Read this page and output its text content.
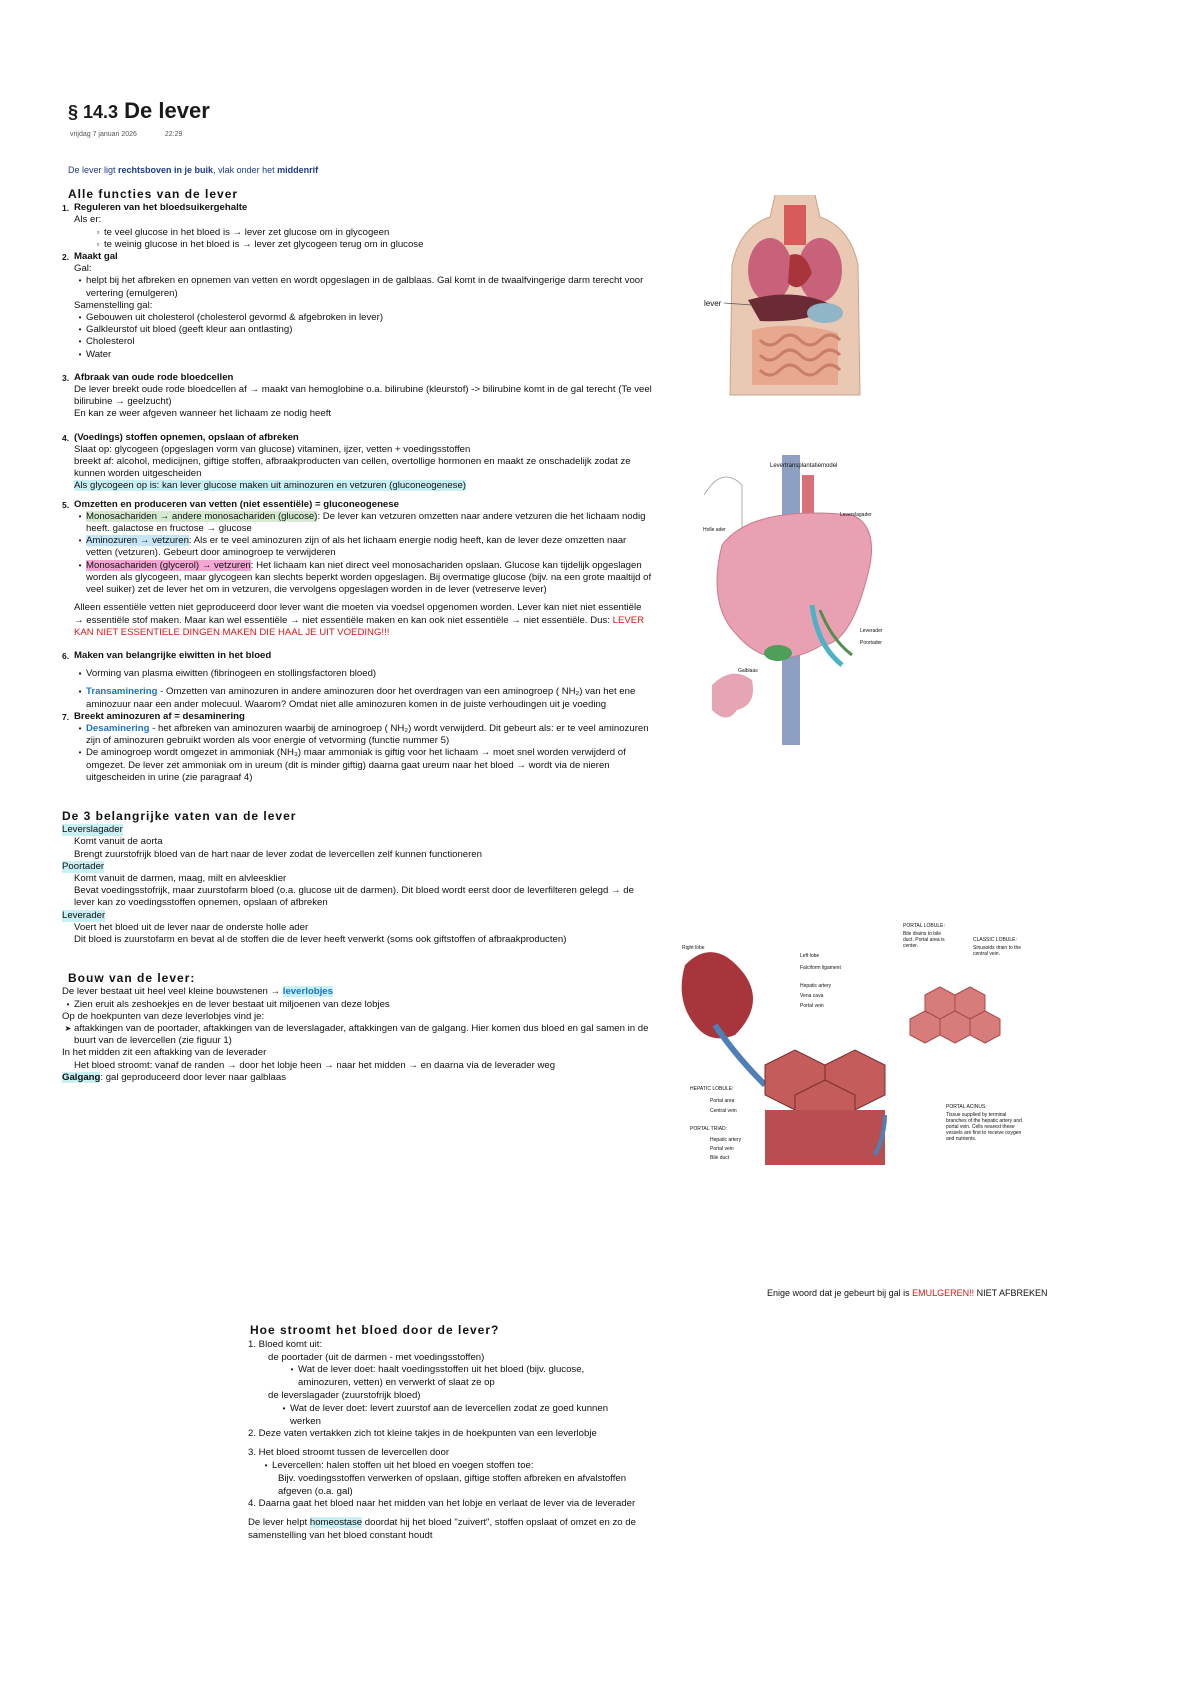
§ 14.3 De lever
vrijdag 7 januari 2026	22:29
De lever ligt rechtsboven in je buik, vlak onder het middenrif
Alle functies van de lever
1. Reguleren van het bloedsuikergehalte
Als er:
▫ te veel glucose in het bloed is → lever zet glucose om in glycogeen
▫ te weinig glucose in het bloed is → lever zet glycogeen terug om in glucose
2. Maakt gal
Gal:
• helpt bij het afbreken en opnemen van vetten en wordt opgeslagen in de galblaas. Gal komt in de twaalfvingerige darm terecht voor vertering (emulgeren)
Samenstelling gal:
• Gebouwen uit cholesterol (cholesterol gevormd & afgebroken in lever)
• Galkleurstof uit bloed (geeft kleur aan ontlasting)
• Cholesterol
• Water
3. Afbraak van oude rode bloedcellen
De lever breekt oude rode bloedcellen af → maakt van hemoglobine o.a. bilirubine (kleurstof) -> bilirubine komt in de gal terecht (Te veel bilirubine → geelzucht)
En kan ze weer afgeven wanneer het lichaam ze nodig heeft
4. (Voedings) stoffen opnemen, opslaan of afbreken
Slaat op: glycogeen (opgeslagen vorm van glucose) vitaminen, ijzer, vetten + voedingsstoffen
breekt af: alcohol, medicijnen, giftige stoffen, afbraakproducten van cellen, overtollige hormonen en maakt ze onschadelijk zodat ze kunnen worden uitgescheiden
Als glycogeen op is: kan lever glucose maken uit aminozuren en vetzuren (gluconeogenese)
5. Omzetten en produceren van vetten (niet essentiële) = gluconeogenese
• Monosachariden → andere monosachariden (glucose): De lever kan vetzuren omzetten naar andere vetzuren die het lichaam nodig heeft. galactose en fructose → glucose
• Aminozuren → vetzuren: Als er te veel aminozuren zijn of als het lichaam energie nodig heeft, kan de lever deze omzetten naar vetten (vetzuren). Gebeurt door aminogroep te verwijderen
• Monosachariden (glycerol) → vetzuren: Het lichaam kan niet direct veel monosachariden opslaan. Glucose kan tijdelijk opgeslagen worden als glycogeen, maar glycogeen kan slechts beperkt worden opgeslagen. Bij overmatige glucose (bijv. na een grote maaltijd of veel suiker) zet de lever het om in vetzuren, die vervolgens opgeslagen worden in de lever (vetreserve lever)
Alleen essentiële vetten niet geproduceerd door lever want die moeten via voedsel opgenomen worden. Lever kan niet niet essentiële → essentiële stof maken. Maar kan wel essentiële → niet essentiële maken en kan ook niet essentiële → niet essentiële. Dus: LEVER KAN NIET ESSENTIELE DINGEN MAKEN DIE HAAL JE UIT VOEDING!!!
6. Maken van belangrijke eiwitten in het bloed
▪ Vorming van plasma eiwitten (fibrinogeen en stollingsfactoren bloed)
▪ Transaminering - Omzetten van aminozuren in andere aminozuren door het overdragen van een aminogroep ( NH₂) van het ene aminozuur naar een ander molecuul. Waarom? Omdat niet alle aminozuren komen in de juiste verhoudingen uit je voeding
7. Breekt aminozuren af = desaminering
• Desaminering - het afbreken van aminozuren waarbij de aminogroep ( NH₂) wordt verwijderd. Dit gebeurt als: er te veel aminozuren zijn of aminozuren gebruikt worden als voor energie of vetvorming (functie nummer 5)
• De aminogroep wordt omgezet in ammoniak (NH₃) maar ammoniak is giftig voor het lichaam → moet snel worden verwijderd of omgezet. De lever zet ammoniak om in ureum (dit is minder giftig) daarna gaat ureum naar het bloed → wordt via de nieren uitgescheiden in urine (zie paragraaf 4)
De 3 belangrijke vaten van de lever
Leverslagader
Komt vanuit de aorta
Brengt zuurstofrijk bloed van de hart naar de lever zodat de levercellen zelf kunnen functioneren
Poortader
Komt vanuit de darmen, maag, milt en alvleesklier
Bevat voedingsstofrijk, maar zuurstofarm bloed (o.a. glucose uit de darmen). Dit bloed wordt eerst door de leverfilteren gelegd → de lever kan zo voedingsstoffen opnemen, opslaan of afbreken
Leverader
Voert het bloed uit de lever naar de onderste holle ader
Dit bloed is zuurstofarm en bevat al de stoffen die de lever heeft verwerkt (soms ook giftstoffen of afbraakproducten)
Bouw van de lever:
De lever bestaat uit heel veel kleine bouwstenen → leverlobjes
• Zien eruit als zeshoekjes en de lever bestaat uit miljoenen van deze lobjes
Op de hoekpunten van deze leverlobjes vind je:
➤ aftakkingen van de poortader, aftakkingen van de leverslagader, aftakkingen van de galgang. Hier komen dus bloed en gal samen in de buurt van de levercellen (zie figuur 1)
In het midden zit een aftakking van de leverader
Het bloed stroomt: vanaf de randen → door het lobje heen → naar het midden → en daarna via de leverader weg
Galgang: gal geproduceerd door lever naar galblaas
Enige woord dat je gebeurt bij gal is EMULGEREN!! NIET AFBREKEN
Hoe stroomt het bloed door de lever?
1. Bloed komt uit:
de poortader (uit de darmen - met voedingsstoffen)
• Wat de lever doet: haalt voedingsstoffen uit het bloed (bijv. glucose, aminozuren, vetten) en verwerkt of slaat ze op
de leverslagader (zuurstofrijk bloed)
• Wat de lever doet: levert zuurstof aan de levercellen zodat ze goed kunnen werken
2. Deze vaten vertakken zich tot kleine takjes in de hoekpunten van een leverlobje
3. Het bloed stroomt tussen de levercellen door
• Levercellen: halen stoffen uit het bloed en voegen stoffen toe:
Bijv. voedingsstoffen verwerken of opslaan, giftige stoffen afbreken en afvalstoffen afgeven (o.a. gal)
4. Daarna gaat het bloed naar het midden van het lobje en verlaat de lever via de leverader
De lever helpt homeostase doordat hij het bloed "zuivert", stoffen opslaat of omzet en zo de samenstelling van het bloed constant houdt
lever
Levertransplantatiemodel
Holle ader
Leverslagader
Leverader
Poortader
Galblaas
Right lobe
Left lobe
Falciform ligament
Hepatic artery
Vena cava
Portal vein
HEPATIC LOBULE:
Portal area
Central vein
PORTAL TRIAD:
Hepatic artery
Portal vein
Bile duct
PORTAL LOBULE:
Bile drains to bile duct. Portal area is center.
CLASSIC LOBULE:
Sinusoids drain to the central vein.
PORTAL ACINUS:
Tissue supplied by terminal branches of the hepatic artery and portal vein. Cells nearest these vessels are first to receive oxygen and nutrients.
